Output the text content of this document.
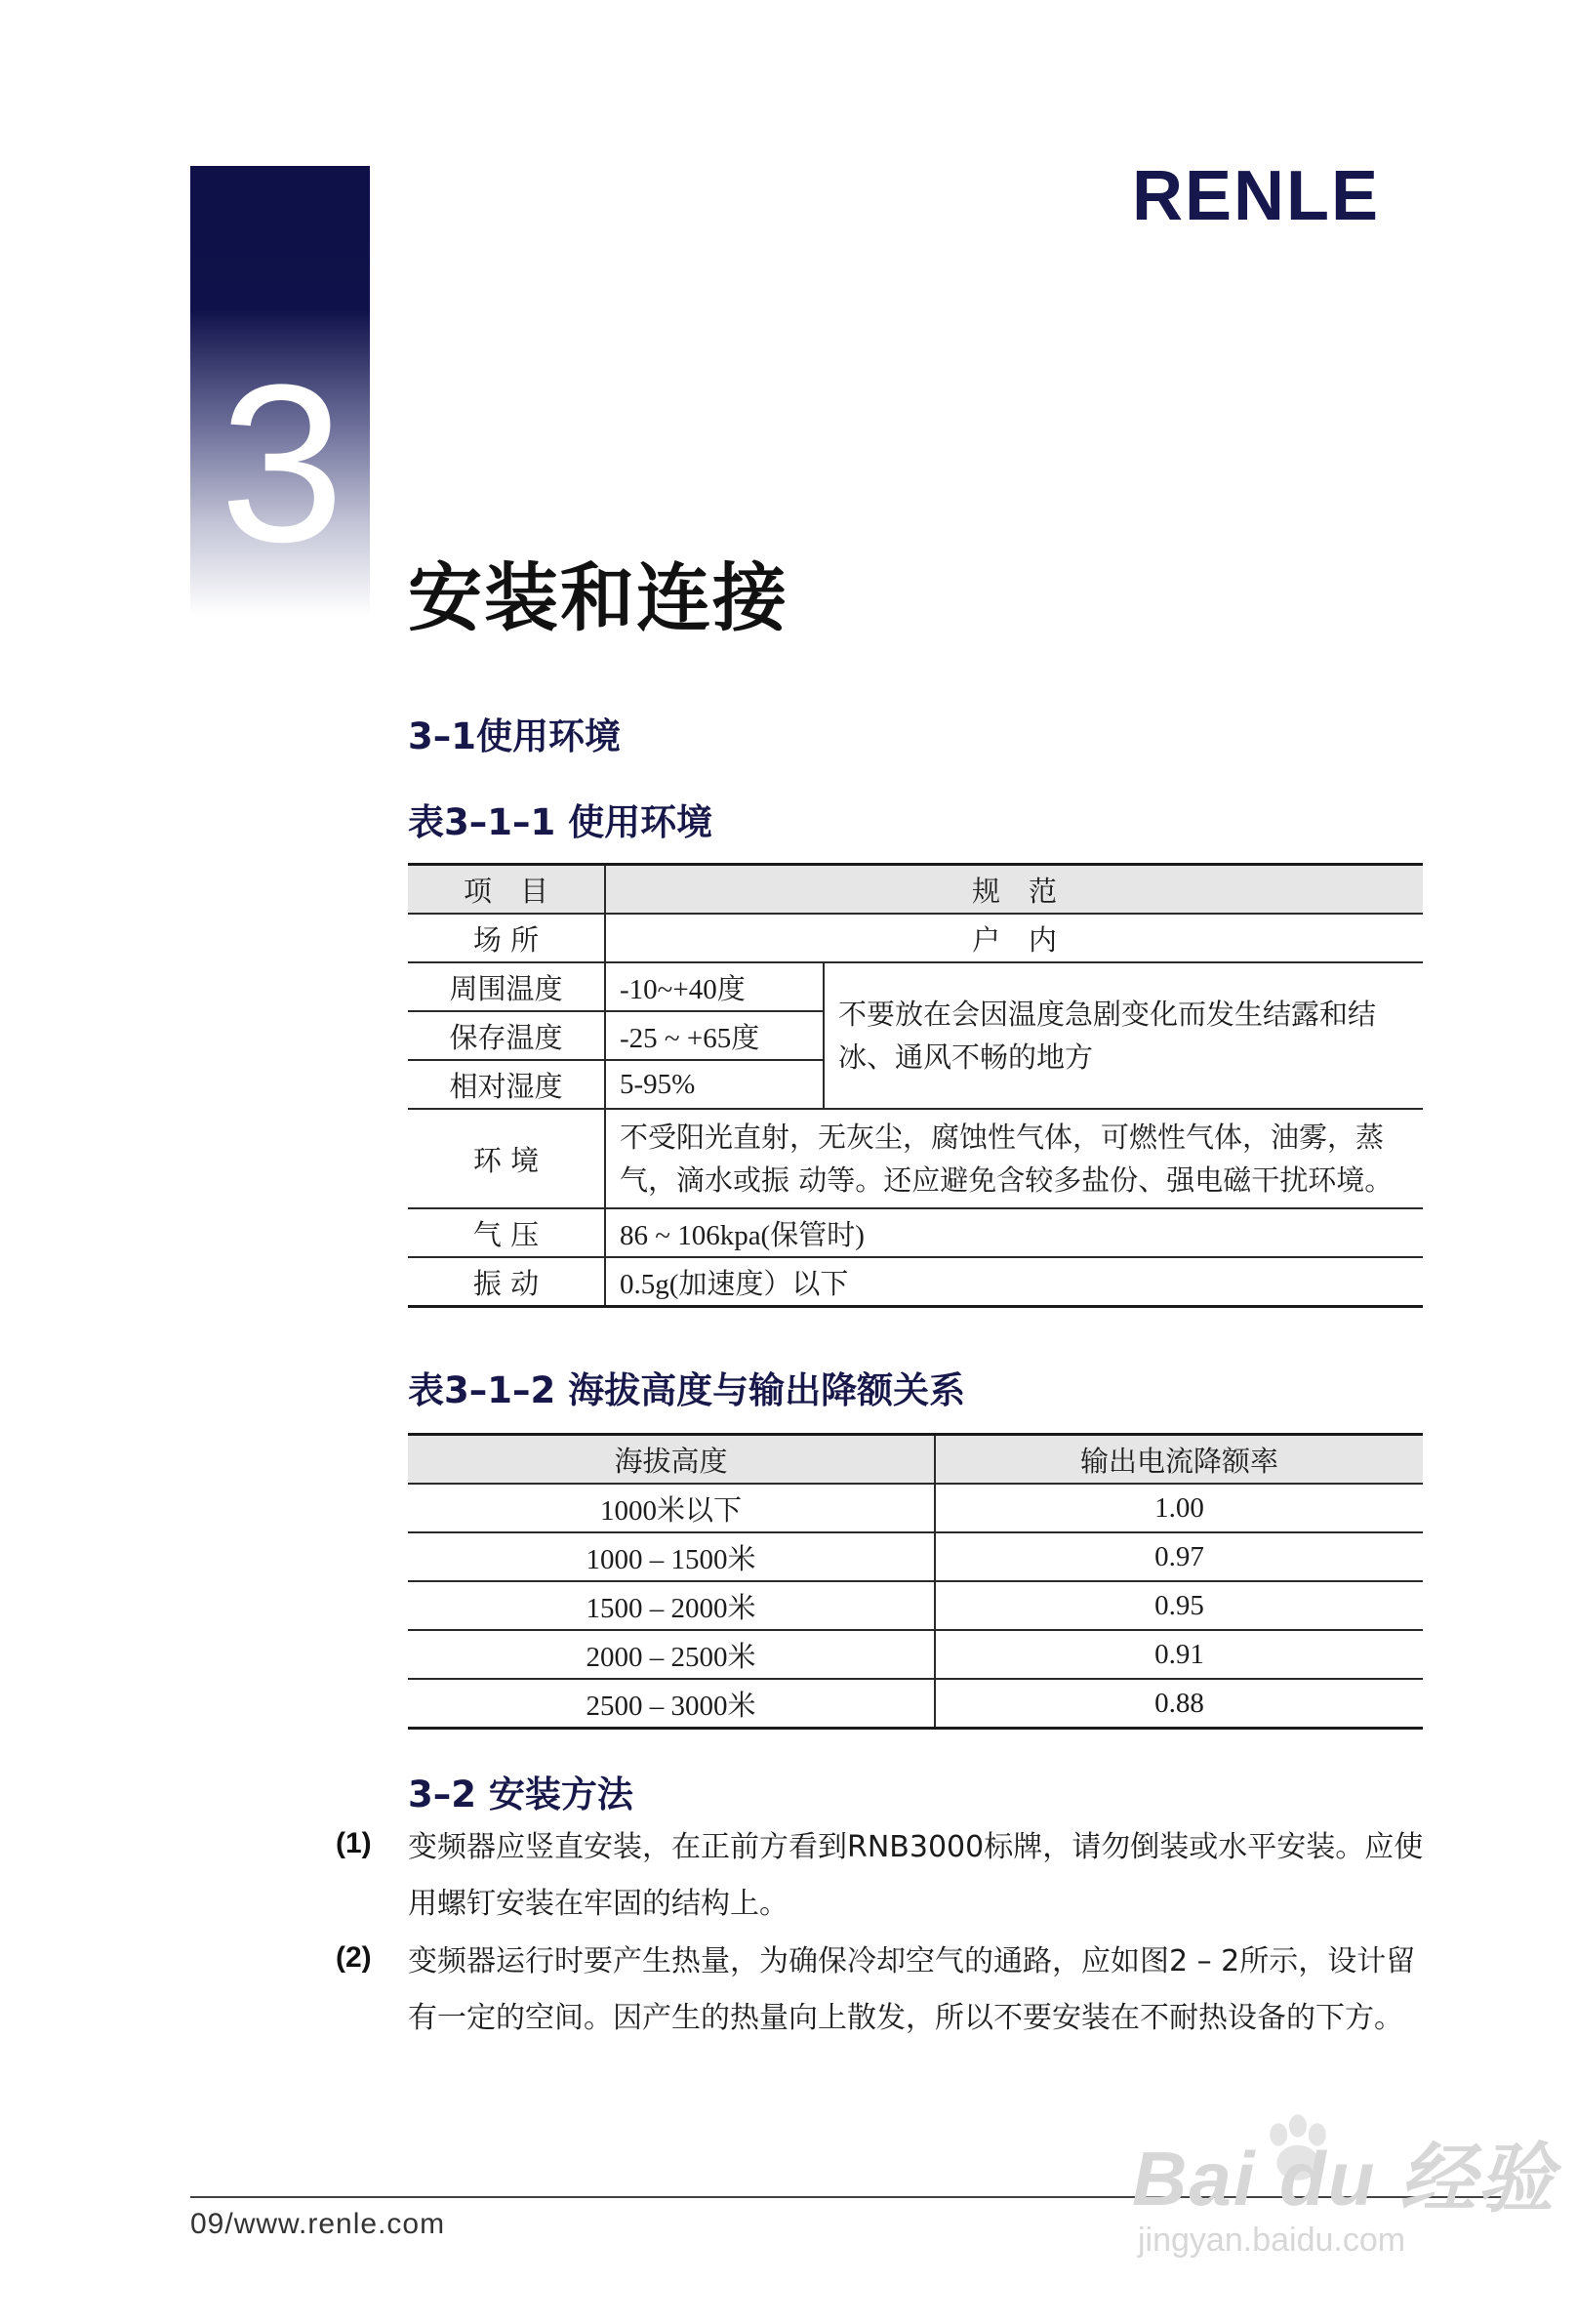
3
RENLE
安装和连接
3–1使用环境
表3–1–1 使用环境
项　目	规　范	
场 所	户　内	
周围温度	-10~+40度	不要放在会因温度急剧变化而发生结露和结冰、通风不畅的地方
保存温度	-25 ~ +65度	
相对湿度	5-95%	
环 境	不受阳光直射，无灰尘，腐蚀性气体，可燃性气体，油雾，蒸气，滴水或振 动等。还应避免含较多盐份、强电磁干扰环境。	
气 压	86 ~ 106kpa(保管时)	
振 动	0.5g(加速度）以下	
表3–1–2 海拔高度与输出降额关系
海拔高度	输出电流降额率
1000米以下	1.00
1000 – 1500米	0.97
1500 – 2000米	0.95
2000 – 2500米	0.91
2500 – 3000米	0.88
3–2 安装方法
(1) 变频器应竖直安装，在正前方看到RNB3000标牌，请勿倒装或水平安装。应使用螺钉安装在牢固的结构上。
(2) 变频器运行时要产生热量，为确保冷却空气的通路，应如图2 – 2所示，设计留有一定的空间。因产生的热量向上散发，所以不要安装在不耐热设备的下方。
09/www.renle.com
Bai du 经验
jingyan.baidu.com
